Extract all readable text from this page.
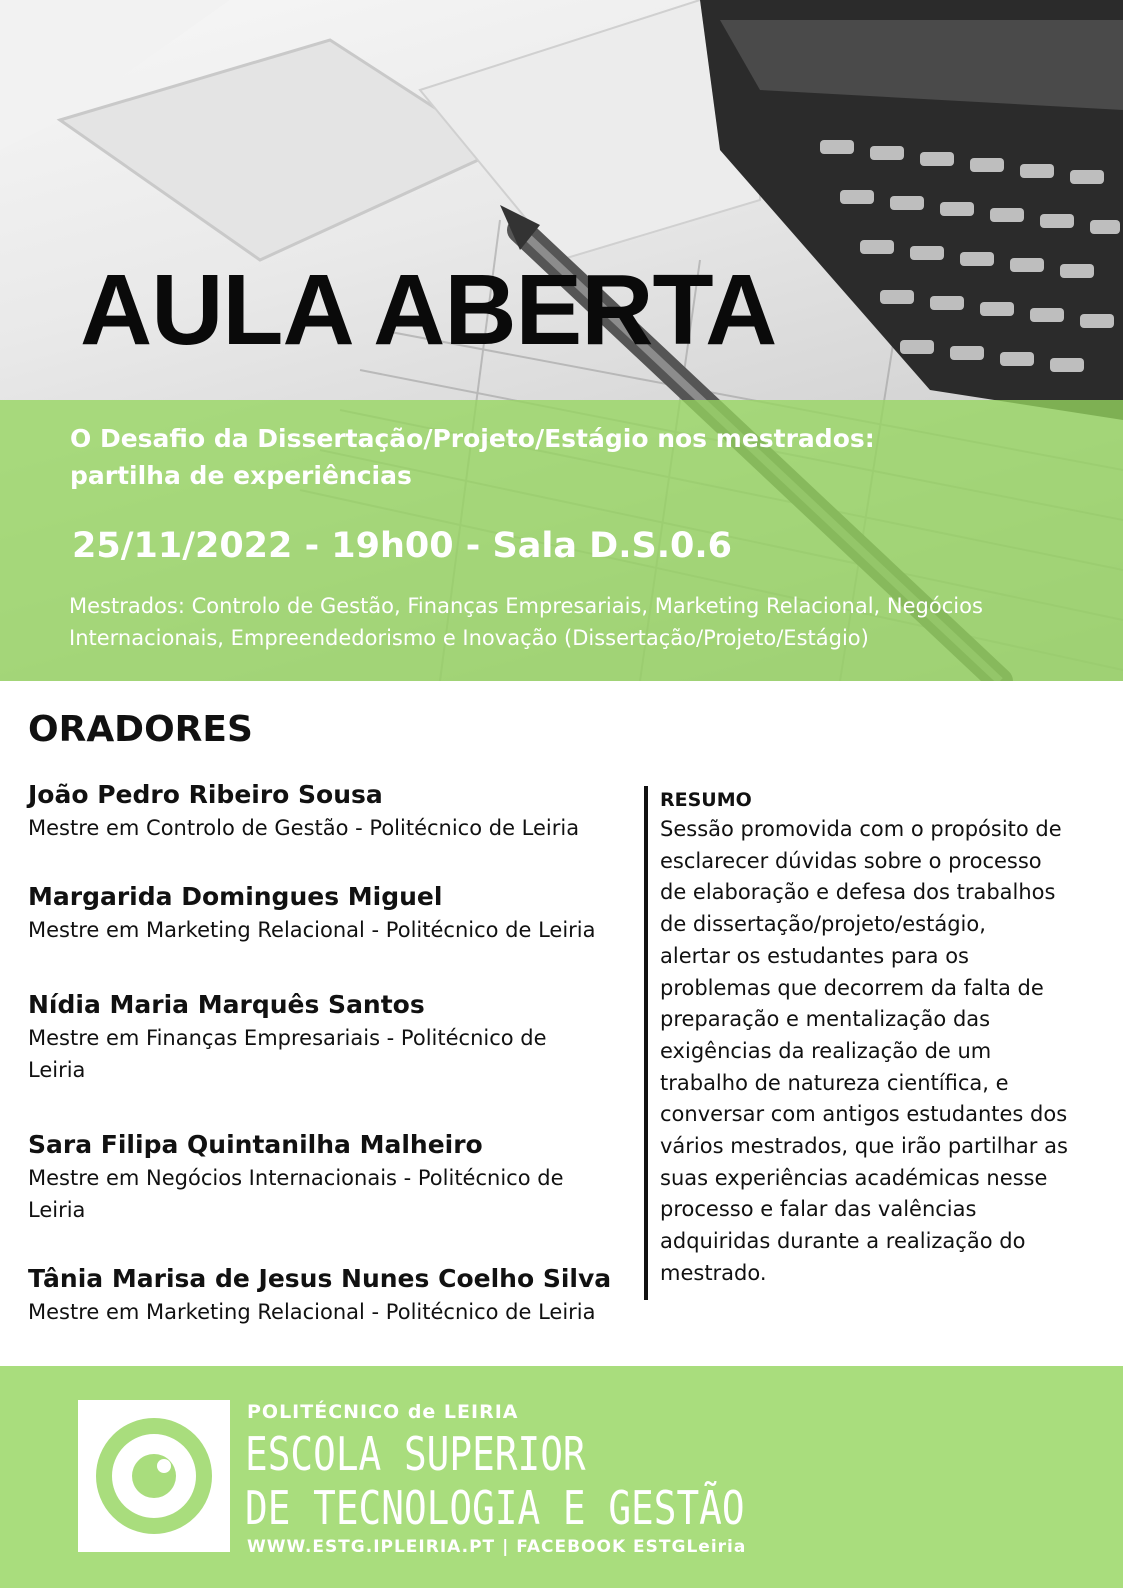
AULA ABERTA

O Desafio da Dissertação/Projeto/Estágio nos mestrados:
partilha de experiências

25/11/2022 - 19h00 - Sala D.S.0.6

Mestrados: Controlo de Gestão, Finanças Empresariais, Marketing Relacional, Negócios
Internacionais, Empreendedorismo e Inovação (Dissertação/Projeto/Estágio)

ORADORES

João Pedro Ribeiro Sousa

Mestre em Controlo de Gestão - Politécnico de Leiria

Margarida Domingues Miguel

Mestre em Marketing Relacional - Politécnico de Leiria

Nídia Maria Marquês Santos

Mestre em Finanças Empresariais - Politécnico de

Leiria

Sara Filipa Quintanilha Malheiro

Mestre em Negócios Internacionais - Politécnico de

Leiria

Tânia Marisa de Jesus Nunes Coelho Silva

Mestre em Marketing Relacional - Politécnico de Leiria

RESUMO

Sessão promovida com o propósito de
esclarecer dúvidas sobre o processo
de elaboração e defesa dos trabalhos
de dissertação/projeto/estágio,
alertar os estudantes para os
problemas que decorrem da falta de
preparação e mentalização das
exigências da realização de um
trabalho de natureza científica, e
conversar com antigos estudantes dos
vários mestrados, que irão partilhar as
suas experiências académicas nesse
processo e falar das valências
adquiridas durante a realização do
mestrado.

POLITÉCNICO de LEIRIA

ESCOLA SUPERIOR

DE TECNOLOGIA E GESTÃO

WWW.ESTG.IPLEIRIA.PT | FACEBOOK ESTGLeiria
